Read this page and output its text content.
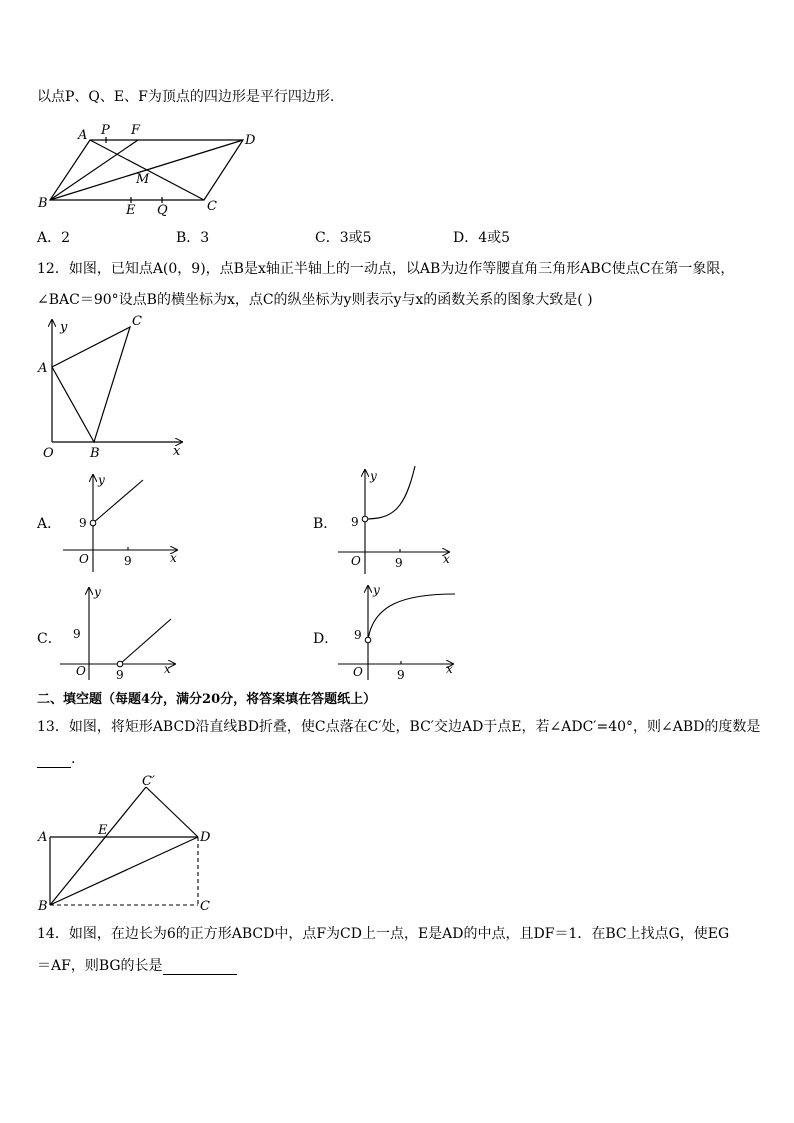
以点P、Q、E、F为顶点的四边形是平行四边形.
A P F
D
M
B	E Q	C
A．2	B．3	C．3或5	D．4或5
12．如图，已知点A(0，9)，点B是x轴正半轴上的一动点，以AB为边作等腰直角三角形ABC使点C在第一象限，
∠BAC＝90°设点B的横坐标为x，点C的纵坐标为y则表示y与x的函数关系的图象大致是( )
y	C
A
O	B	x
A．
y
9
O	9	x
B．
y
9
O	9	x
C．
y
9
O	9	x
D．
y
9
O	9	x
二、填空题（每题4分，满分20分，将答案填在答题纸上）
13．如图，将矩形ABCD沿直线BD折叠，使C点落在C′处，BC′交边AD于点E，若∠ADC′=40°，则∠ABD的度数是
.
C′
A	E	D
B	C
14．如图，在边长为6的正方形ABCD中，点F为CD上一点，E是AD的中点，且DF＝1．在BC上找点G，使EG
＝AF，则BG的长是
